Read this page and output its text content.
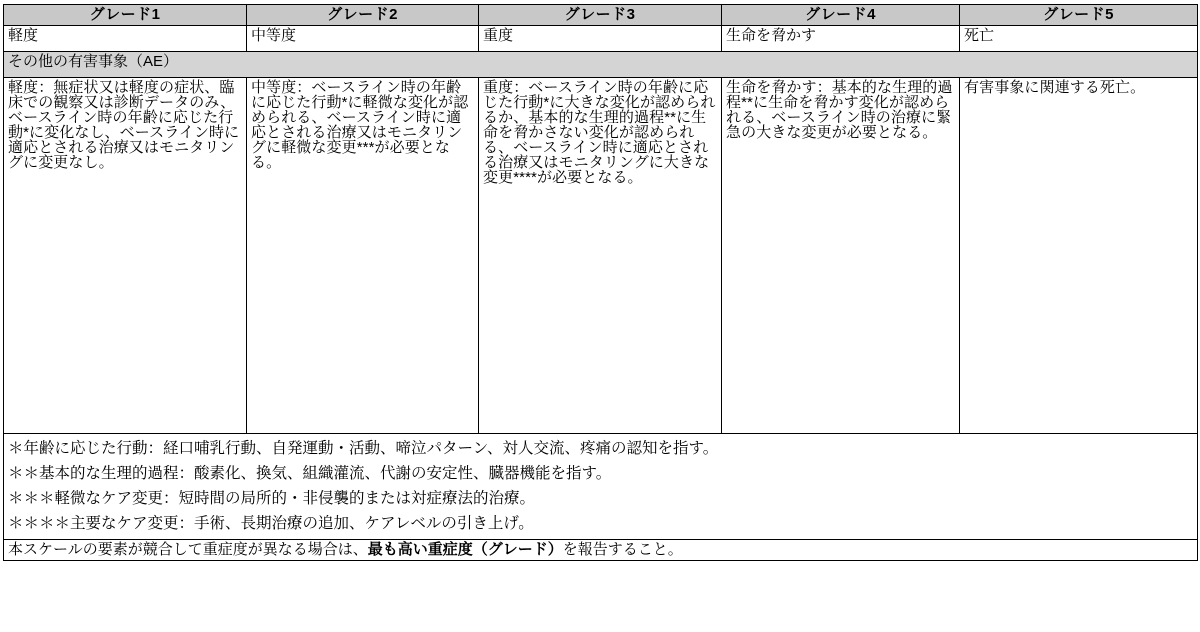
グレード1	グレード2	グレード3	グレード4	グレード5
軽度	中等度	重度	生命を脅かす	死亡
その他の有害事象（AE）				
軽度：無症状又は軽度の症状、臨床での観察又は診断データのみ、ベースライン時の年齢に応じた行動*に変化なし、ベースライン時に適応とされる治療又はモニタリングに変更なし。	中等度：ベースライン時の年齢に応じた行動*に軽微な変化が認められる、ベースライン時に適応とされる治療又はモニタリングに軽微な変更***が必要となる。	重度：ベースライン時の年齢に応じた行動*に大きな変化が認められるか、基本的な生理的過程**に生命を脅かさない変化が認められる、ベースライン時に適応とされる治療又はモニタリングに大きな変更****が必要となる。	生命を脅かす：基本的な生理的過程**に生命を脅かす変化が認められる、ベースライン時の治療に緊急の大きな変更が必要となる。	有害事象に関連する死亡。

＊年齢に応じた行動：経口哺乳行動、自発運動・活動、啼泣パターン、対人交流、疼痛の認知を指す。
＊＊基本的な生理的過程：酸素化、換気、組織灌流、代謝の安定性、臓器機能を指す。
＊＊＊軽微なケア変更：短時間の局所的・非侵襲的または対症療法的治療。
＊＊＊＊主要なケア変更：手術、長期治療の追加、ケアレベルの引き上げ。				

本スケールの要素が競合して重症度が異なる場合は、最も高い重症度（グレード）を報告すること。				
